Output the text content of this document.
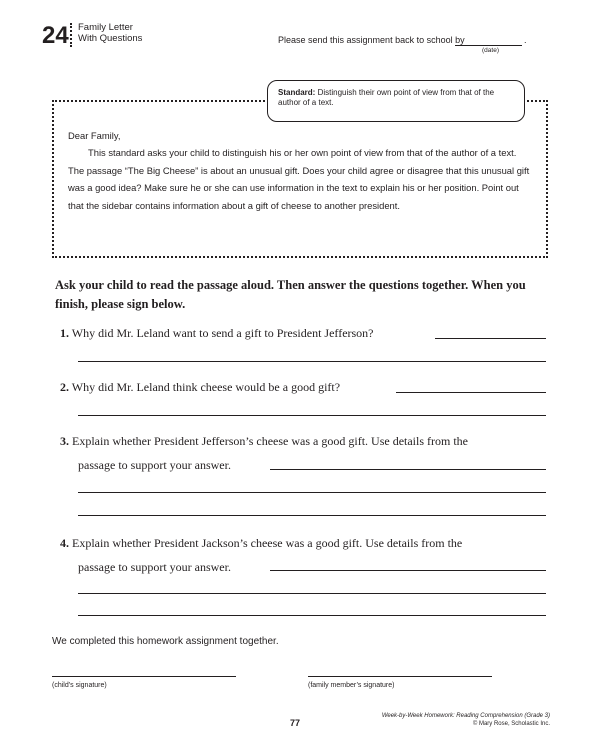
24 Family Letter
With Questions	Please send this assignment back to school by	.
(date)
Standard: Distinguish their own point of view from that of the author of a text.
Dear Family,
This standard asks your child to distinguish his or her own point of view from that of the author of a text. The passage “The Big Cheese” is about an unusual gift. Does your child agree or disagree that this unusual gift was a good idea? Make sure he or she can use information in the text to explain his or her position. Point out that the sidebar contains information about a gift of cheese to another president.
Ask your child to read the passage aloud. Then answer the questions together. When you finish, please sign below.
1. Why did Mr. Leland want to send a gift to President Jefferson?
2. Why did Mr. Leland think cheese would be a good gift?
3. Explain whether President Jefferson’s cheese was a good gift. Use details from the
passage to support your answer.
4. Explain whether President Jackson’s cheese was a good gift. Use details from the
passage to support your answer.
We completed this homework assignment together.
(child’s signature)	(family member’s signature)
77
Week-by-Week Homework: Reading Comprehension (Grade 3)
© Mary Rose, Scholastic Inc.
